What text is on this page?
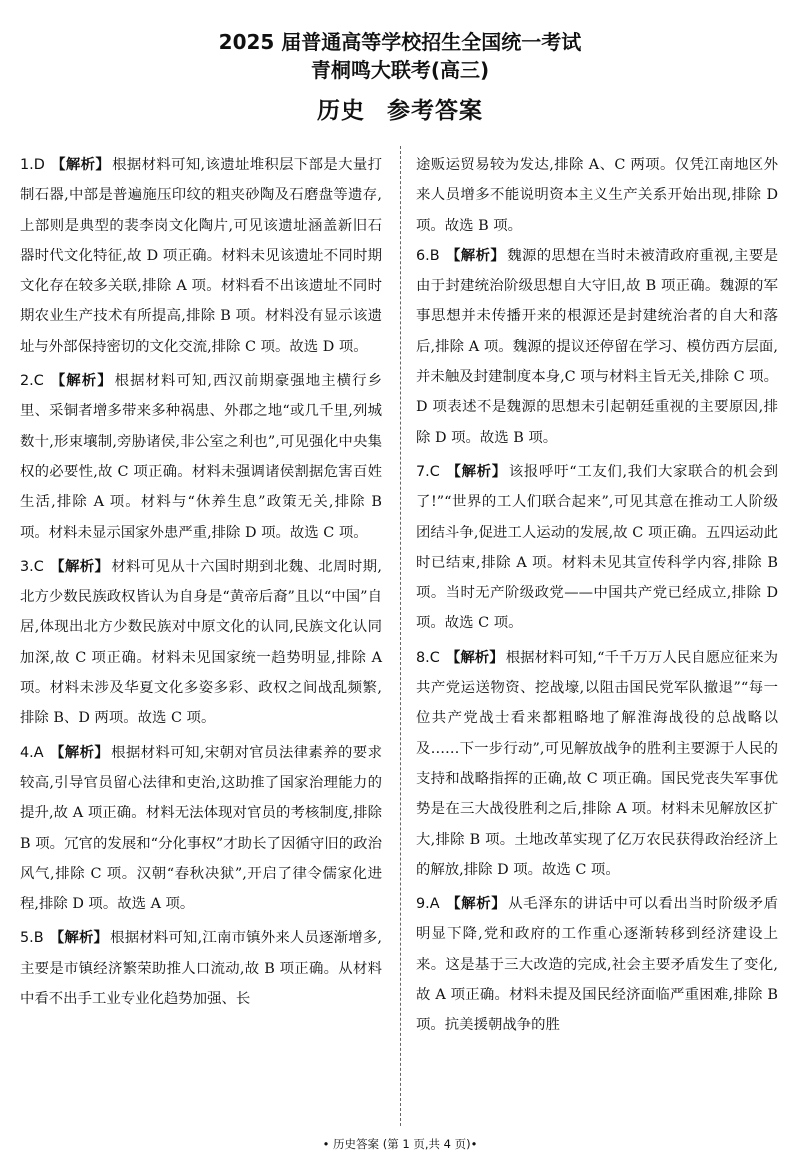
2025 届普通高等学校招生全国统一考试

青桐鸣大联考(高三)

历史 参考答案

1.D 【解析】 根据材料可知,该遗址堆积层下部是大量打制石器,中部是普遍施压印纹的粗夹砂陶及石磨盘等遗存,上部则是典型的裴李岗文化陶片,可见该遗址涵盖新旧石器时代文化特征,故 D 项正确。材料未见该遗址不同时期文化存在较多关联,排除 A 项。材料看不出该遗址不同时期农业生产技术有所提高,排除 B 项。材料没有显示该遗址与外部保持密切的文化交流,排除 C 项。故选 D 项。

2.C 【解析】 根据材料可知,西汉前期豪强地主横行乡里、采铜者增多带来多种祸患、外郡之地“或几千里,列城数十,形束壤制,旁胁诸侯,非公室之利也”,可见强化中央集权的必要性,故 C 项正确。材料未强调诸侯割据危害百姓生活,排除 A 项。材料与“休养生息”政策无关,排除 B 项。材料未显示国家外患严重,排除 D 项。故选 C 项。

3.C 【解析】 材料可见从十六国时期到北魏、北周时期,北方少数民族政权皆认为自身是“黄帝后裔”且以“中国”自居,体现出北方少数民族对中原文化的认同,民族文化认同加深,故 C 项正确。材料未见国家统一趋势明显,排除 A 项。材料未涉及华夏文化多姿多彩、政权之间战乱频繁,排除 B、D 两项。故选 C 项。

4.A 【解析】 根据材料可知,宋朝对官员法律素养的要求较高,引导官员留心法律和吏治,这助推了国家治理能力的提升,故 A 项正确。材料无法体现对官员的考核制度,排除 B 项。冗官的发展和“分化事权”才助长了因循守旧的政治风气,排除 C 项。汉朝“春秋决狱”,开启了律令儒家化进程,排除 D 项。故选 A 项。

5.B 【解析】 根据材料可知,江南市镇外来人员逐渐增多,主要是市镇经济繁荣助推人口流动,故 B 项正确。从材料中看不出手工业专业化趋势加强、长

途贩运贸易较为发达,排除 A、C 两项。仅凭江南地区外来人员增多不能说明资本主义生产关系开始出现,排除 D 项。故选 B 项。

6.B 【解析】 魏源的思想在当时未被清政府重视,主要是由于封建统治阶级思想自大守旧,故 B 项正确。魏源的军事思想并未传播开来的根源还是封建统治者的自大和落后,排除 A 项。魏源的提议还停留在学习、模仿西方层面,并未触及封建制度本身,C 项与材料主旨无关,排除 C 项。D 项表述不是魏源的思想未引起朝廷重视的主要原因,排除 D 项。故选 B 项。

7.C 【解析】 该报呼吁“工友们,我们大家联合的机会到了!”“世界的工人们联合起来”,可见其意在推动工人阶级团结斗争,促进工人运动的发展,故 C 项正确。五四运动此时已结束,排除 A 项。材料未见其宣传科学内容,排除 B 项。当时无产阶级政党——中国共产党已经成立,排除 D 项。故选 C 项。

8.C 【解析】 根据材料可知,“千千万万人民自愿应征来为共产党运送物资、挖战壕,以阻击国民党军队撤退”“每一位共产党战士看来都粗略地了解淮海战役的总战略以及……下一步行动”,可见解放战争的胜利主要源于人民的支持和战略指挥的正确,故 C 项正确。国民党丧失军事优势是在三大战役胜利之后,排除 A 项。材料未见解放区扩大,排除 B 项。土地改革实现了亿万农民获得政治经济上的解放,排除 D 项。故选 C 项。

9.A 【解析】 从毛泽东的讲话中可以看出当时阶级矛盾明显下降,党和政府的工作重心逐渐转移到经济建设上来。这是基于三大改造的完成,社会主要矛盾发生了变化,故 A 项正确。材料未提及国民经济面临严重困难,排除 B 项。抗美援朝战争的胜

• 历史答案 (第 1 页,共 4 页)•
